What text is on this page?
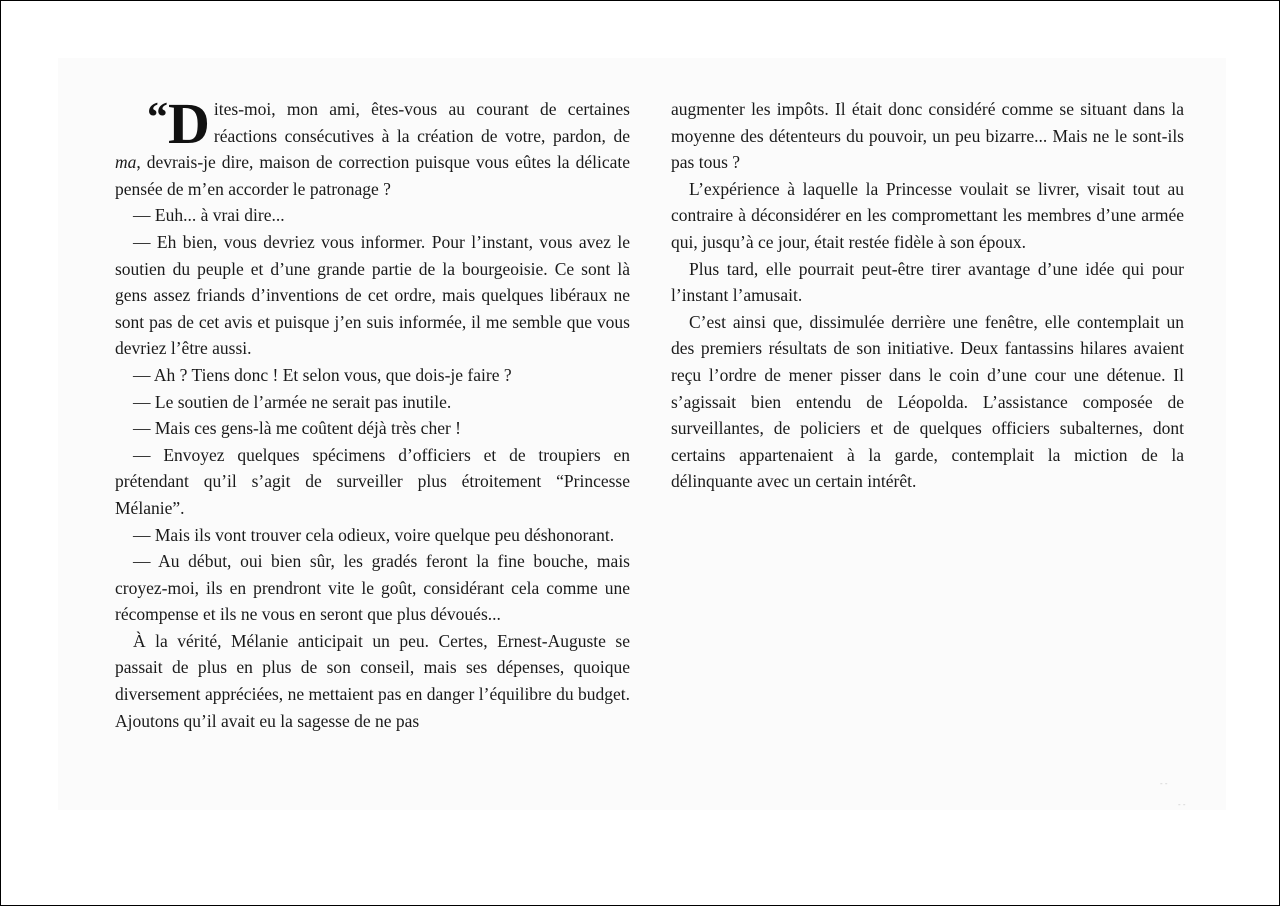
“ D ites-moi, mon ami, êtes-vous au courant de certaines réactions consécutives à la création de votre, pardon, de ma, devrais-je dire, maison de correction puisque vous eûtes la délicate pensée de m’en accorder le patronage ?

— Euh... à vrai dire...

— Eh bien, vous devriez vous informer. Pour l’instant, vous avez le soutien du peuple et d’une grande partie de la bourgeoisie. Ce sont là gens assez friands d’inventions de cet ordre, mais quelques libéraux ne sont pas de cet avis et puisque j’en suis informée, il me semble que vous devriez l’être aussi.

— Ah ? Tiens donc ! Et selon vous, que dois-je faire ?

— Le soutien de l’armée ne serait pas inutile.

— Mais ces gens-là me coûtent déjà très cher !

— Envoyez quelques spécimens d’officiers et de troupiers en prétendant qu’il s’agit de surveiller plus étroitement “Princesse Mélanie”.

— Mais ils vont trouver cela odieux, voire quelque peu déshonorant.

— Au début, oui bien sûr, les gradés feront la fine bouche, mais croyez-moi, ils en prendront vite le goût, considérant cela comme une récompense et ils ne vous en seront que plus dévoués...

À la vérité, Mélanie anticipait un peu. Certes, Ernest-Auguste se passait de plus en plus de son conseil, mais ses dépenses, quoique diversement appréciées, ne mettaient pas en danger l’équilibre du budget. Ajoutons qu’il avait eu la sagesse de ne pas

augmenter les impôts. Il était donc considéré comme se situant dans la moyenne des détenteurs du pouvoir, un peu bizarre... Mais ne le sont-ils pas tous ?

L’expérience à laquelle la Princesse voulait se livrer, visait tout au contraire à déconsidérer en les compromettant les membres d’une armée qui, jusqu’à ce jour, était restée fidèle à son époux.

Plus tard, elle pourrait peut-être tirer avantage d’une idée qui pour l’instant l’amusait.

C’est ainsi que, dissimulée derrière une fenêtre, elle contemplait un des premiers résultats de son initiative. Deux fantassins hilares avaient reçu l’ordre de mener pisser dans le coin d’une cour une détenue. Il s’agissait bien entendu de Léopolda. L’assistance composée de surveillantes, de policiers et de quelques officiers subalternes, dont certains appartenaient à la garde, contemplait la miction de la délinquante avec un certain intérêt.

- -
- -
